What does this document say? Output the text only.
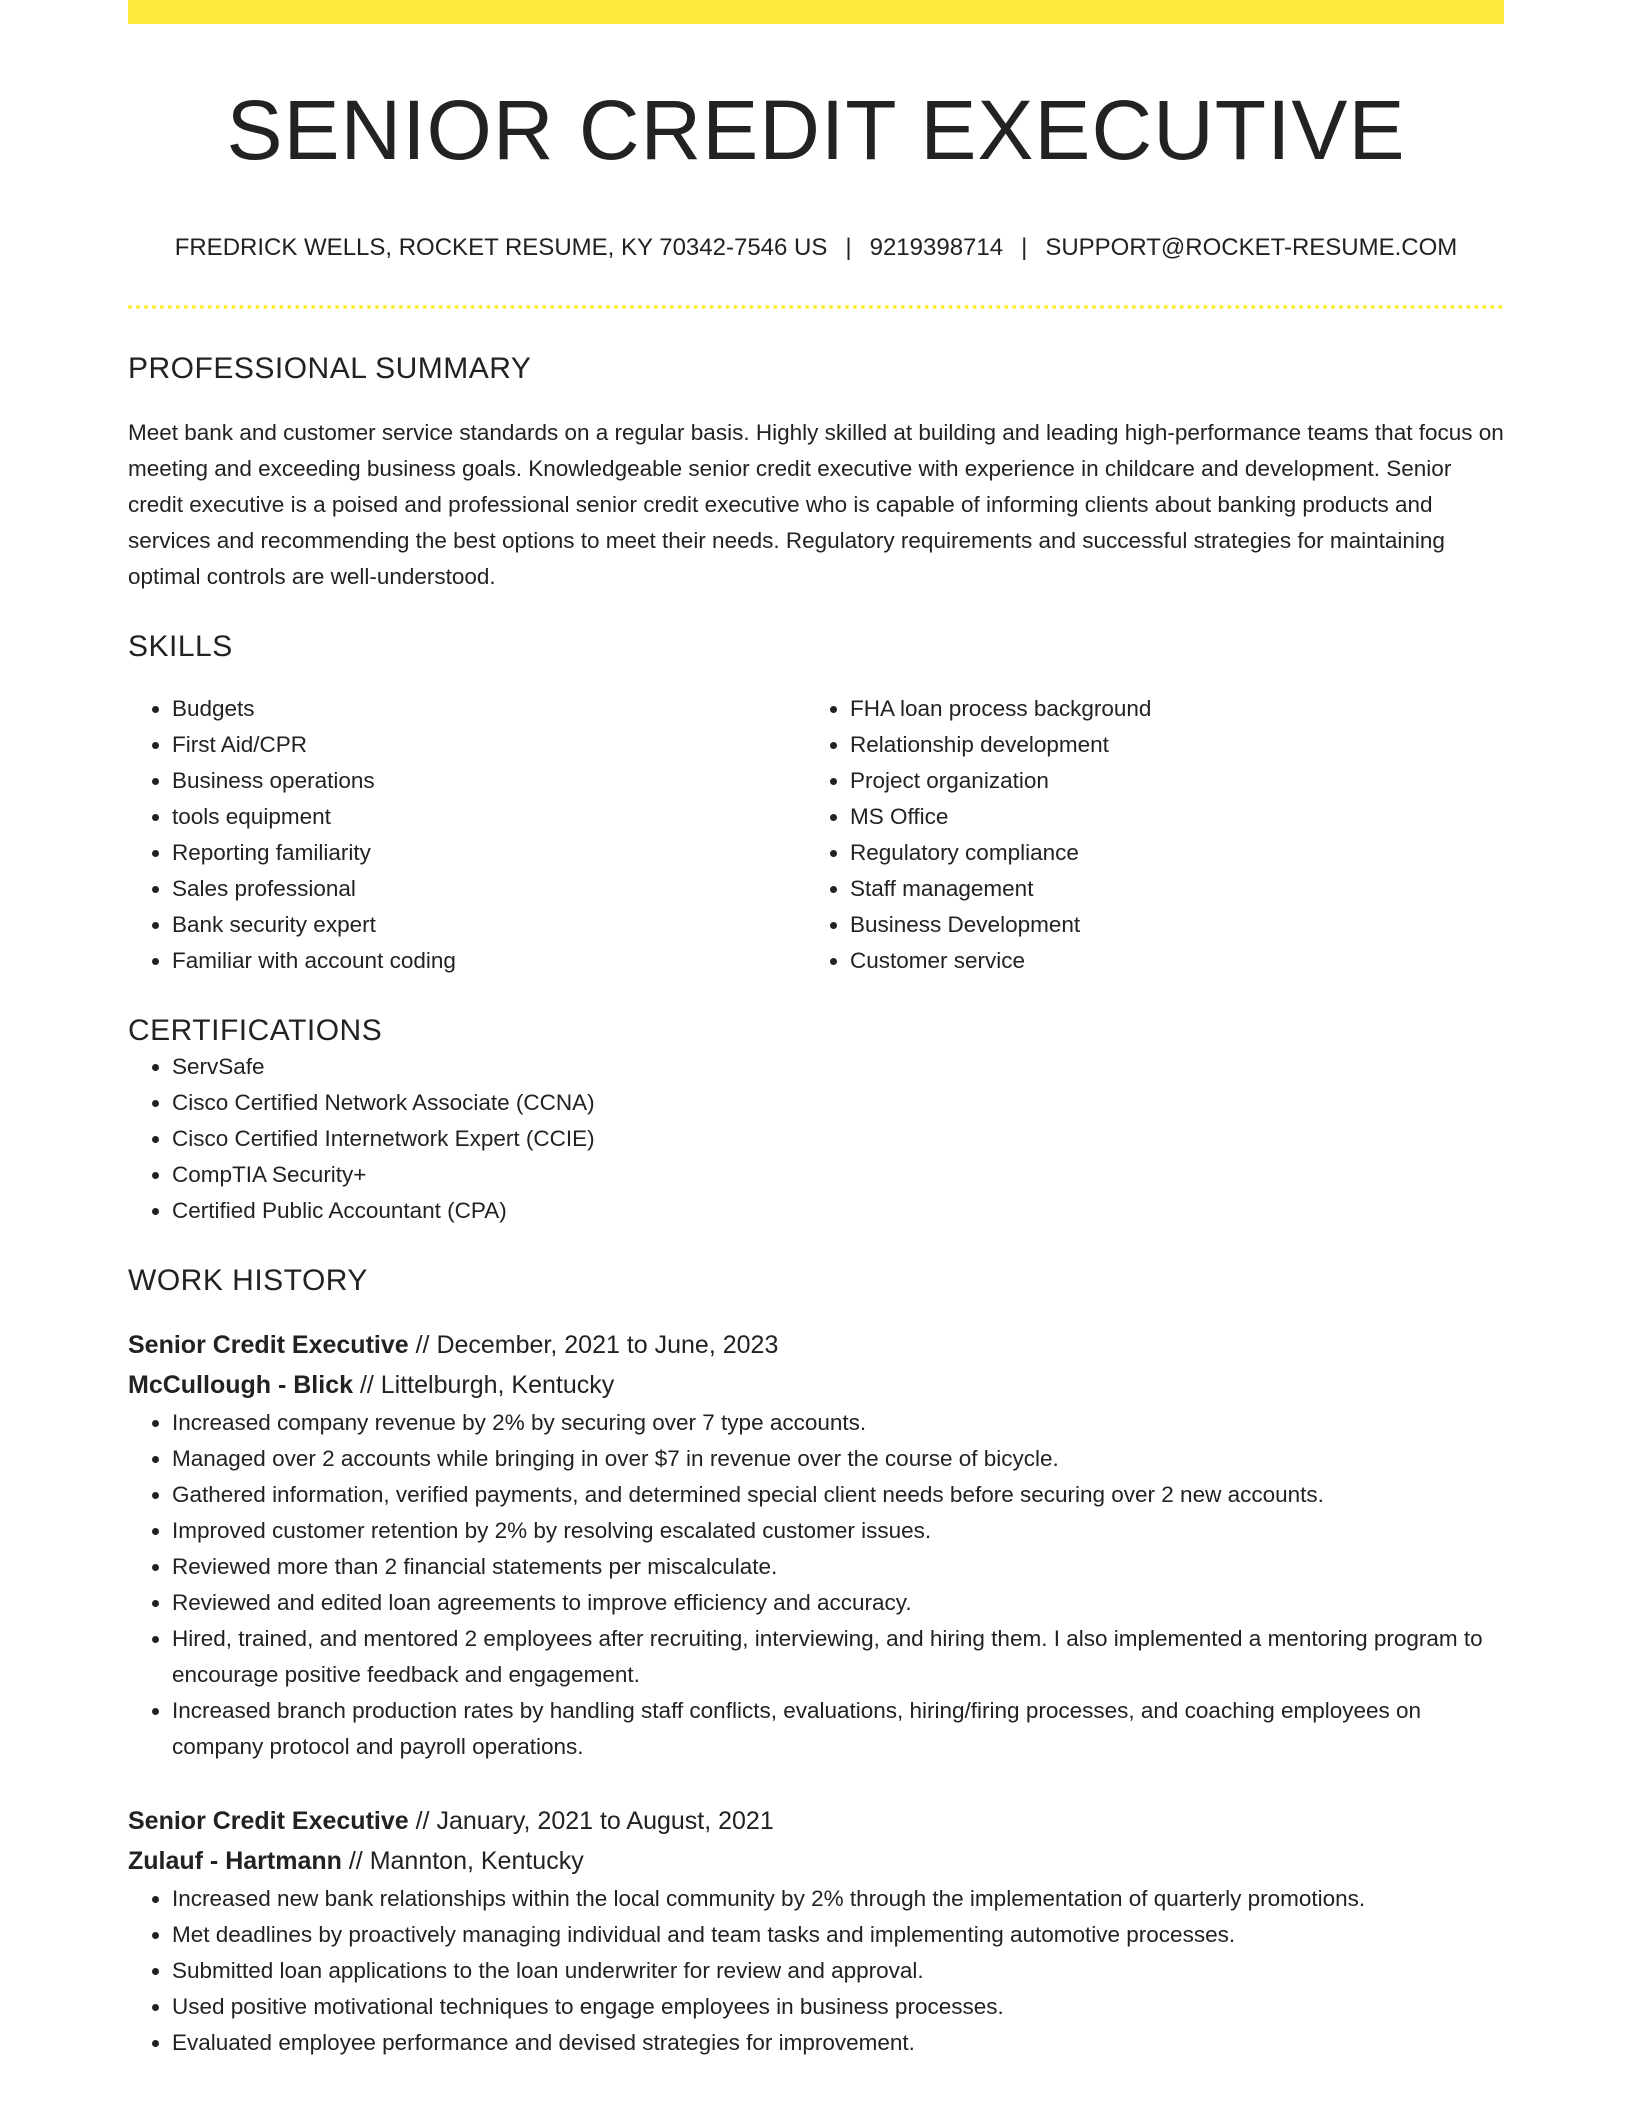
SENIOR CREDIT EXECUTIVE
FREDRICK WELLS, ROCKET RESUME, KY 70342-7546 US | 9219398714 | SUPPORT@ROCKET-RESUME.COM
PROFESSIONAL SUMMARY

Meet bank and customer service standards on a regular basis. Highly skilled at building and leading high-performance teams that focus on meeting and exceeding business goals. Knowledgeable senior credit executive with experience in childcare and development. Senior credit executive is a poised and professional senior credit executive who is capable of informing clients about banking products and services and recommending the best options to meet their needs. Regulatory requirements and successful strategies for maintaining optimal controls are well-understood.

SKILLS
• Budgets
• First Aid/CPR
• Business operations
• tools equipment
• Reporting familiarity
• Sales professional
• Bank security expert
• Familiar with account coding
• FHA loan process background
• Relationship development
• Project organization
• MS Office
• Regulatory compliance
• Staff management
• Business Development
• Customer service
CERTIFICATIONS
• ServSafe
• Cisco Certified Network Associate (CCNA)
• Cisco Certified Internetwork Expert (CCIE)
• CompTIA Security+
• Certified Public Accountant (CPA)
WORK HISTORY
Senior Credit Executive // December, 2021 to June, 2023
McCullough - Blick // Littelburgh, Kentucky
• Increased company revenue by 2% by securing over 7 type accounts.
• Managed over 2 accounts while bringing in over $7 in revenue over the course of bicycle.
• Gathered information, verified payments, and determined special client needs before securing over 2 new accounts.
• Improved customer retention by 2% by resolving escalated customer issues.
• Reviewed more than 2 financial statements per miscalculate.
• Reviewed and edited loan agreements to improve efficiency and accuracy.
• Hired, trained, and mentored 2 employees after recruiting, interviewing, and hiring them. I also implemented a mentoring program to encourage positive feedback and engagement.
• Increased branch production rates by handling staff conflicts, evaluations, hiring/firing processes, and coaching employees on company protocol and payroll operations.
Senior Credit Executive // January, 2021 to August, 2021
Zulauf - Hartmann // Mannton, Kentucky
• Increased new bank relationships within the local community by 2% through the implementation of quarterly promotions.
• Met deadlines by proactively managing individual and team tasks and implementing automotive processes.
• Submitted loan applications to the loan underwriter for review and approval.
• Used positive motivational techniques to engage employees in business processes.
• Evaluated employee performance and devised strategies for improvement.
